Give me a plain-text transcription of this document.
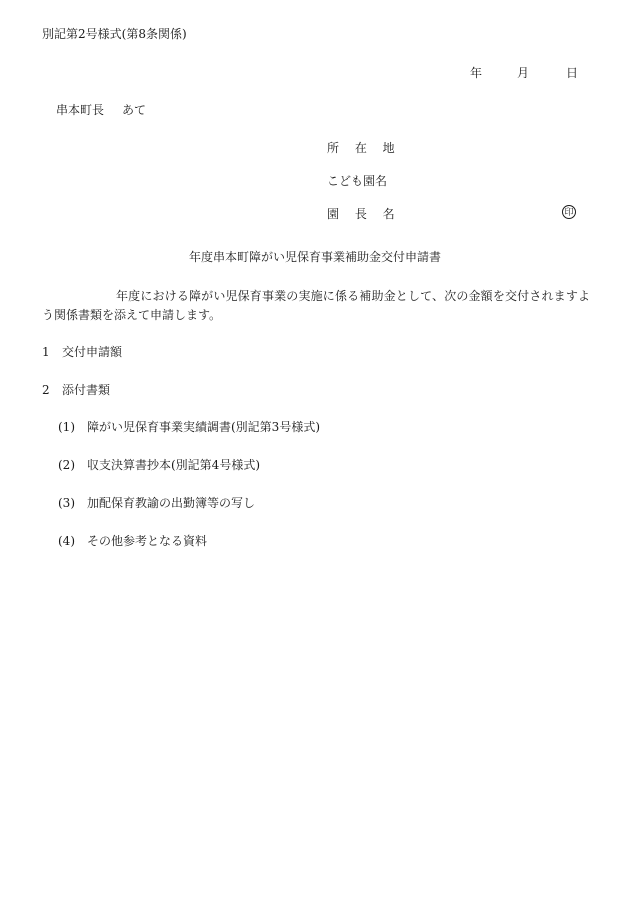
別記第2号様式(第8条関係)
年	月	日
串本町長 あて
所 在 地
こども園名
園 長 名	印
年度串本町障がい児保育事業補助金交付申請書
年度における障がい児保育事業の実施に係る補助金として、次の金額を交付されますよう関係書類を添えて申請します。
1 交付申請額
2 添付書類
(1) 障がい児保育事業実績調書(別記第3号様式)
(2) 収支決算書抄本(別記第4号様式)
(3) 加配保育教諭の出勤簿等の写し
(4) その他参考となる資料
